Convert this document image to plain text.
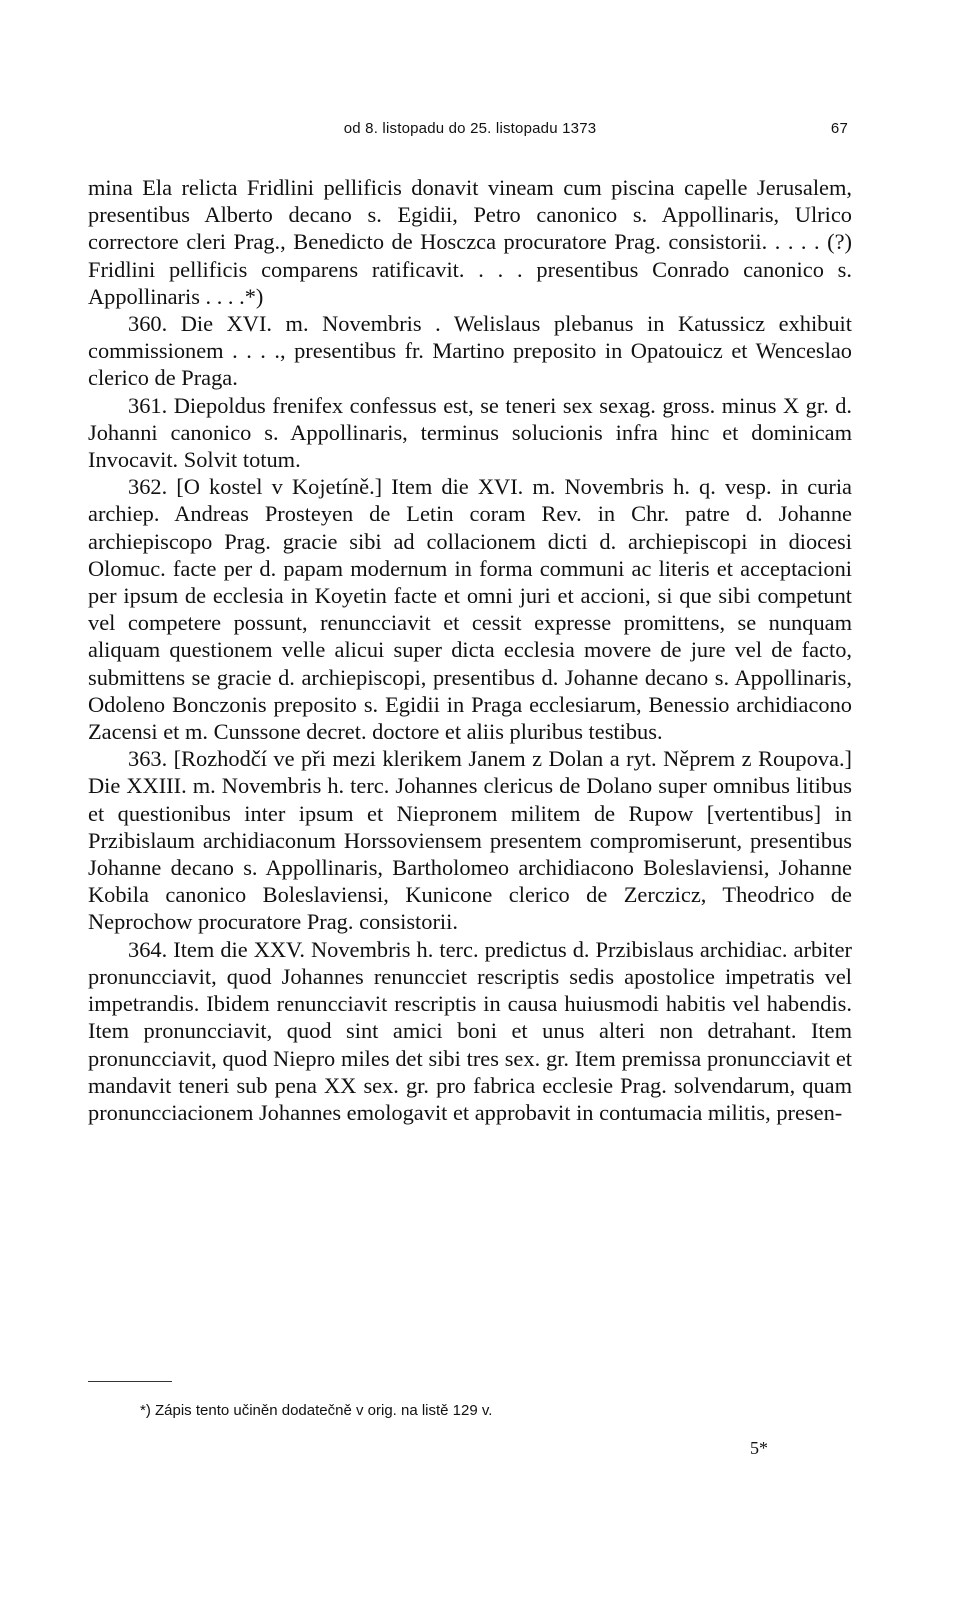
od 8. listopadu do 25. listopadu 1373	67

mina Ela relicta Fridlini pellificis donavit vineam cum piscina capelle Jerusalem, presentibus Alberto decano s. Egidii, Petro canonico s. Appollinaris, Ulrico correctore cleri Prag., Benedicto de Hosczca procuratore Prag. consistorii. . . . . (?) Fridlini pellificis comparens ratificavit. . . . presentibus Conrado canonico s. Appollinaris . . . .*)

360. Die XVI. m. Novembris . Welislaus plebanus in Katussicz exhibuit commissionem . . . ., presentibus fr. Martino preposito in Opatouicz et Wenceslao clerico de Praga.

361. Diepoldus frenifex confessus est, se teneri sex sexag. gross. minus X gr. d. Johanni canonico s. Appollinaris, terminus solucionis infra hinc et dominicam Invocavit. Solvit totum.

362. [O kostel v Kojetíně.] Item die XVI. m. Novembris h. q. vesp. in curia archiep. Andreas Prosteyen de Letin coram Rev. in Chr. patre d. Johanne archiepiscopo Prag. gracie sibi ad collacionem dicti d. archiepiscopi in diocesi Olomuc. facte per d. papam modernum in forma communi ac literis et acceptacioni per ipsum de ecclesia in Koyetin facte et omni juri et accioni, si que sibi competunt vel competere possunt, renuncciavit et cessit expresse promittens, se nunquam aliquam questionem velle alicui super dicta ecclesia movere de jure vel de facto, submittens se gracie d. archiepiscopi, presentibus d. Johanne decano s. Appollinaris, Odoleno Bonczonis preposito s. Egidii in Praga ecclesiarum, Benessio archidiacono Zacensi et m. Cunssone decret. doctore et aliis pluribus testibus.

363. [Rozhodčí ve při mezi klerikem Janem z Dolan a ryt. Něprem z Roupova.] Die XXIII. m. Novembris h. terc. Johannes clericus de Dolano super omnibus litibus et questionibus inter ipsum et Niepronem militem de Rupow [vertentibus] in Przibislaum archidiaconum Horssoviensem presentem compromiserunt, presentibus Johanne decano s. Appollinaris, Bartholomeo archidiacono Boleslaviensi, Johanne Kobila canonico Boleslaviensi, Kunicone clerico de Zerczicz, Theodrico de Neprochow procuratore Prag. consistorii.

364. Item die XXV. Novembris h. terc. predictus d. Przibislaus archidiac. arbiter pronuncciavit, quod Johannes renuncciet rescriptis sedis apostolice impetratis vel impetrandis. Ibidem renuncciavit rescriptis in causa huiusmodi habitis vel habendis. Item pronuncciavit, quod sint amici boni et unus alteri non detrahant. Item pronuncciavit, quod Niepro miles det sibi tres sex. gr. Item premissa pronuncciavit et mandavit teneri sub pena XX sex. gr. pro fabrica ecclesie Prag. solvendarum, quam pronuncciacionem Johannes emologavit et approbavit in contumacia militis, presen-

*) Zápis tento učiněn dodatečně v orig. na listě 129 v.
5*
